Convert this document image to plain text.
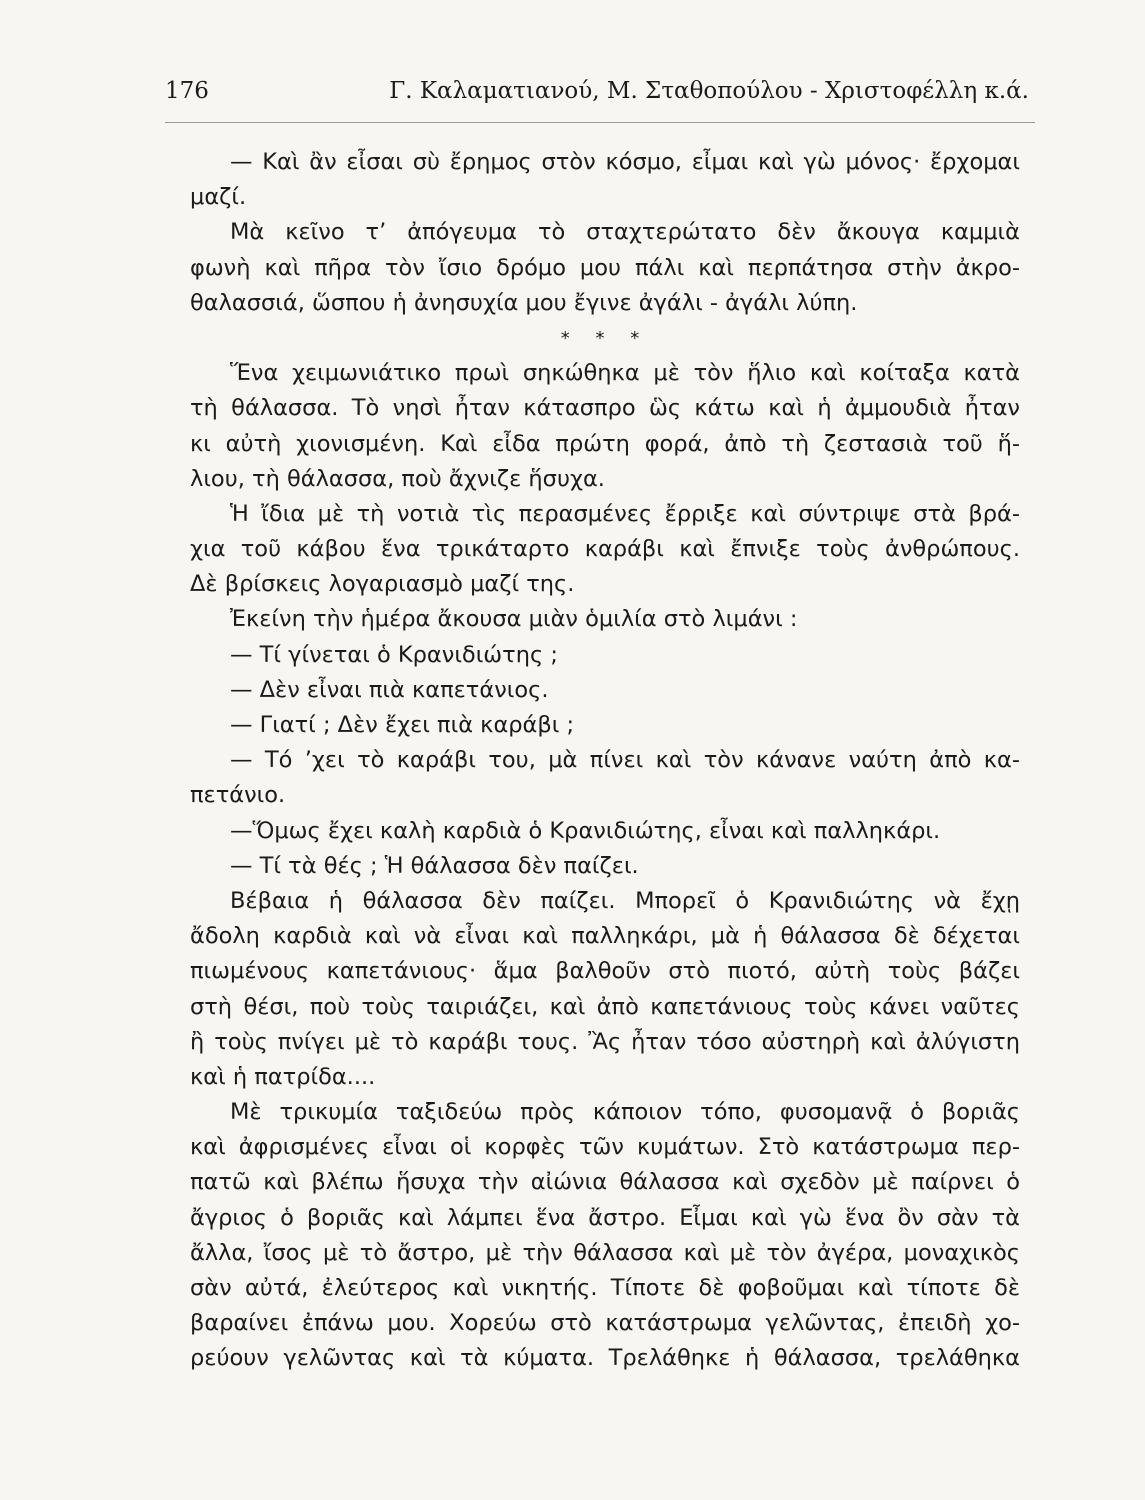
176	Γ. Καλαματιανού, Μ. Σταθοπούλου - Χριστοφέλλη κ.ά.
— Καὶ ἂν εἶσαι σὺ ἔρημος στὸν κόσμο, εἶμαι καὶ γὼ μόνος· ἔρχομαι
μαζί.
Μὰ κεῖνο τ’ ἀπόγευμα τὸ σταχτερώτατο δὲν ἄκουγα καμμιὰ
φωνὴ καὶ πῆρα τὸν ἴσιο δρόμο μου πάλι καὶ περπάτησα στὴν ἀκρο-
θαλασσιά, ὥσπου ἡ ἀνησυχία μου ἔγινε ἀγάλι - ἀγάλι λύπη.
* * *
Ἕνα χειμωνιάτικο πρωὶ σηκώθηκα μὲ τὸν ἥλιο καὶ κοίταξα κατὰ
τὴ θάλασσα. Τὸ νησὶ ἦταν κάτασπρο ὣς κάτω καὶ ἡ ἀμμουδιὰ ἦταν
κι αὐτὴ χιονισμένη. Καὶ εἶδα πρώτη φορά, ἀπὸ τὴ ζεστασιὰ τοῦ ἥ-
λιου, τὴ θάλασσα, ποὺ ἄχνιζε ἥσυχα.
Ἡ ἴδια μὲ τὴ νοτιὰ τὶς περασμένες ἔρριξε καὶ σύντριψε στὰ βρά-
χια τοῦ κάβου ἕνα τρικάταρτο καράβι καὶ ἔπνιξε τοὺς ἀνθρώπους.
Δὲ βρίσκεις λογαριασμὸ μαζί της.
Ἐκείνη τὴν ἡμέρα ἄκουσα μιὰν ὁμιλία στὸ λιμάνι :
— Τί γίνεται ὁ Κρανιδιώτης ;
— Δὲν εἶναι πιὰ καπετάνιος.
— Γιατί ; Δὲν ἔχει πιὰ καράβι ;
— Τό ’χει τὸ καράβι του, μὰ πίνει καὶ τὸν κάνανε ναύτη ἀπὸ κα-
πετάνιο.
—Ὅμως ἔχει καλὴ καρδιὰ ὁ Κρανιδιώτης, εἶναι καὶ παλληκάρι.
— Τί τὰ θές ; Ἡ θάλασσα δὲν παίζει.
Βέβαια ἡ θάλασσα δὲν παίζει. Μπορεῖ ὁ Κρανιδιώτης νὰ ἔχῃ
ἄδολη καρδιὰ καὶ νὰ εἶναι καὶ παλληκάρι, μὰ ἡ θάλασσα δὲ δέχεται
πιωμένους καπετάνιους· ἅμα βαλθοῦν στὸ πιοτό, αὐτὴ τοὺς βάζει
στὴ θέσι, ποὺ τοὺς ταιριάζει, καὶ ἀπὸ καπετάνιους τοὺς κάνει ναῦτες
ἢ τοὺς πνίγει μὲ τὸ καράβι τους. Ἂς ἦταν τόσο αὐστηρὴ καὶ ἀλύγιστη
καὶ ἡ πατρίδα....
Μὲ τρικυμία ταξιδεύω πρὸς κάποιον τόπο, φυσομανᾷ ὁ βοριᾶς
καὶ ἀφρισμένες εἶναι οἱ κορφὲς τῶν κυμάτων. Στὸ κατάστρωμα περ-
πατῶ καὶ βλέπω ἥσυχα τὴν αἰώνια θάλασσα καὶ σχεδὸν μὲ παίρνει ὁ
ἄγριος ὁ βοριᾶς καὶ λάμπει ἕνα ἄστρο. Εἶμαι καὶ γὼ ἕνα ὂν σὰν τὰ
ἄλλα, ἴσος μὲ τὸ ἄστρο, μὲ τὴν θάλασσα καὶ μὲ τὸν ἀγέρα, μοναχικὸς
σὰν αὐτά, ἐλεύτερος καὶ νικητής. Τίποτε δὲ φοβοῦμαι καὶ τίποτε δὲ
βαραίνει ἐπάνω μου. Χορεύω στὸ κατάστρωμα γελῶντας, ἐπειδὴ χο-
ρεύουν γελῶντας καὶ τὰ κύματα. Τρελάθηκε ἡ θάλασσα, τρελάθηκα
